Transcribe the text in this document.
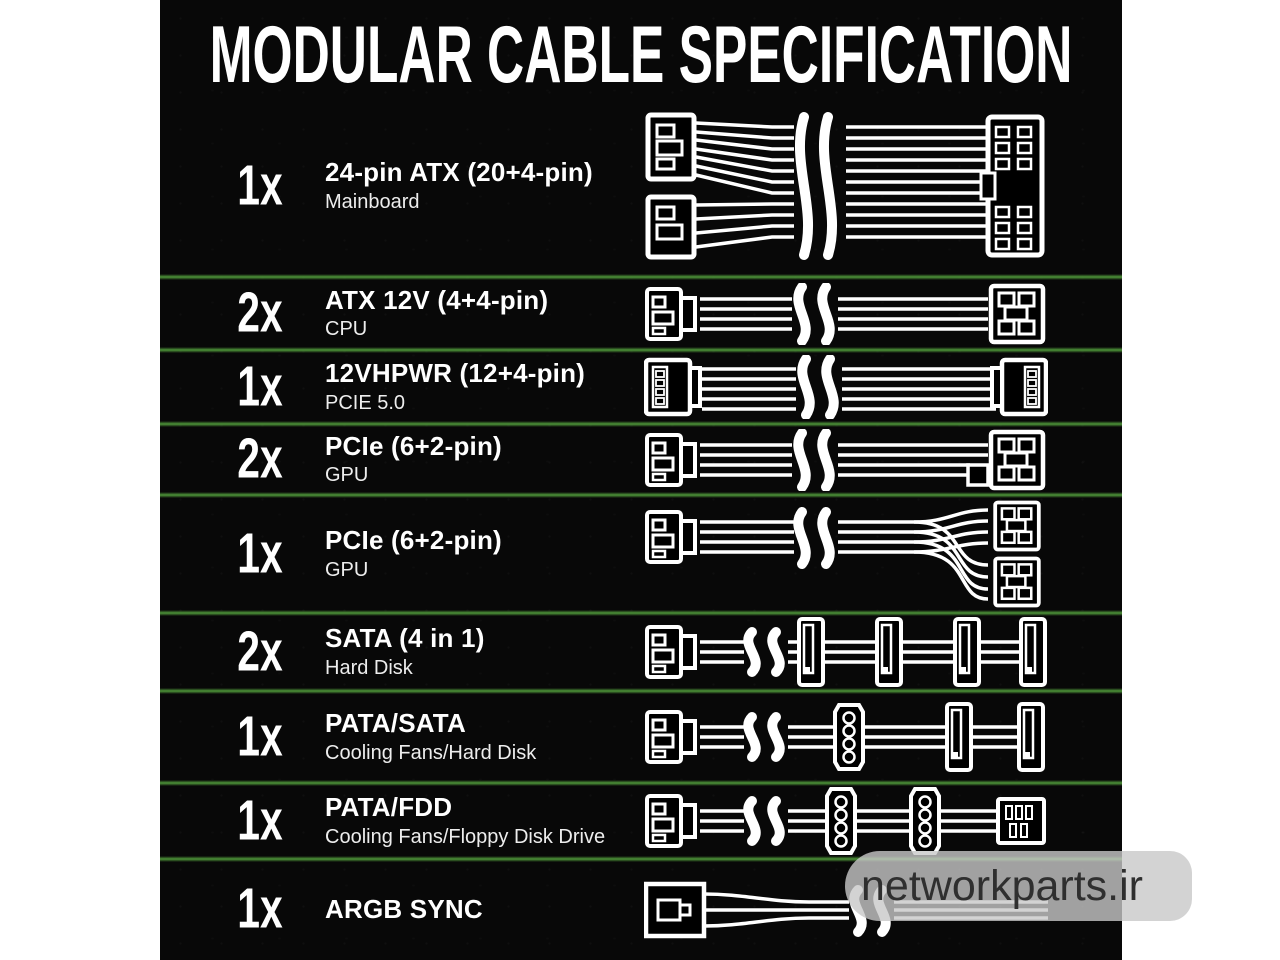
MODULAR CABLE SPECIFICATION
1x	24-pin ATX (20+4-pin)
Mainboard
2x	ATX 12V (4+4-pin)
CPU
1x	12VHPWR (12+4-pin)
PCIE 5.0
2x	PCIe (6+2-pin)
GPU
1x	PCIe (6+2-pin)
GPU
2x	SATA (4 in 1)
Hard Disk
1x	PATA/SATA
Cooling Fans/Hard Disk
1x	PATA/FDD
Cooling Fans/Floppy Disk Drive
1x	ARGB SYNC	networkparts.ir
